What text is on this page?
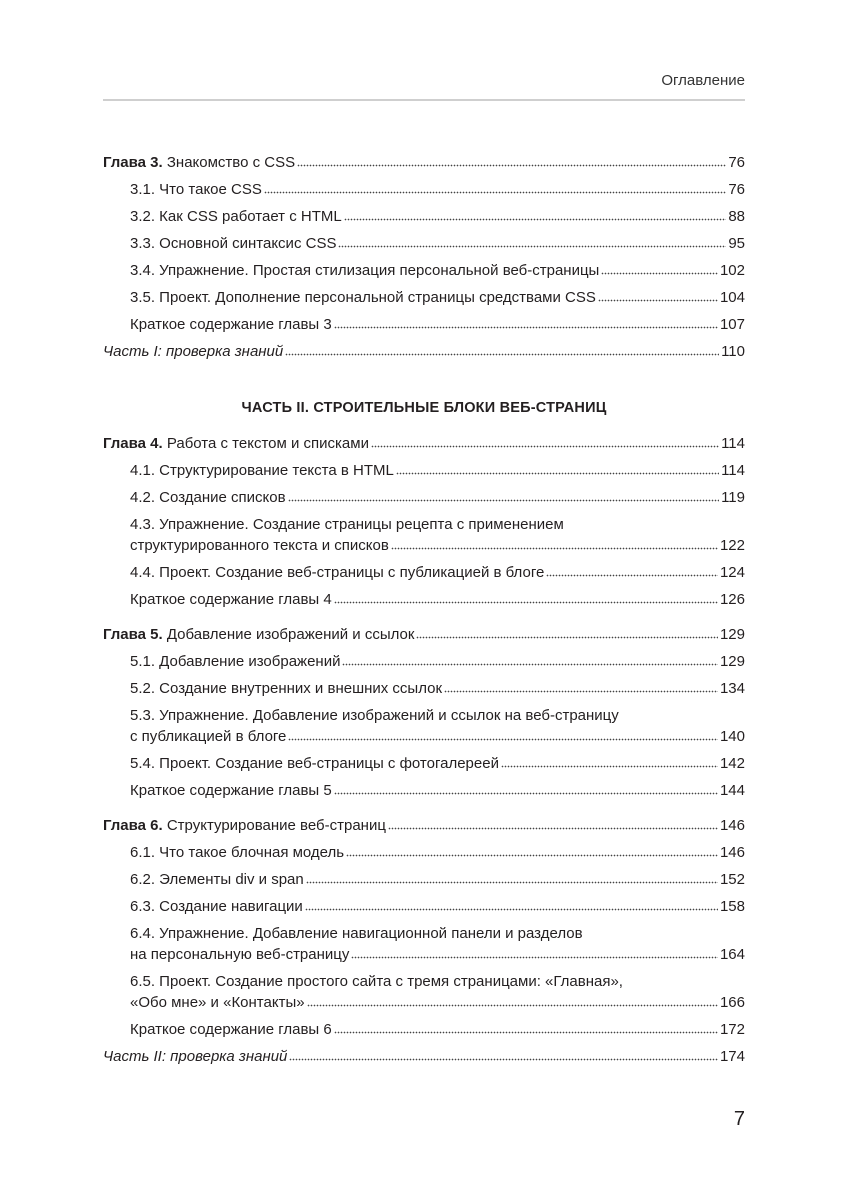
Оглавление
Глава 3. Знакомство с CSS	76
3.1. Что такое CSS	76
3.2. Как CSS работает с HTML	88
3.3. Основной синтаксис CSS	95
3.4. Упражнение. Простая стилизация персональной веб-страницы	102
3.5. Проект. Дополнение персональной страницы средствами CSS	104
Краткое содержание главы 3	107
Часть I: проверка знаний	110
ЧАСТЬ II. СТРОИТЕЛЬНЫЕ БЛОКИ ВЕБ-СТРАНИЦ
Глава 4. Работа с текстом и списками	114
4.1. Структурирование текста в HTML	114
4.2. Создание списков	119
4.3. Упражнение. Создание страницы рецепта с применением
структурированного текста и списков	122
4.4. Проект. Создание веб-страницы с публикацией в блоге	124
Краткое содержание главы 4	126
Глава 5. Добавление изображений и ссылок	129
5.1. Добавление изображений	129
5.2. Создание внутренних и внешних ссылок	134
5.3. Упражнение. Добавление изображений и ссылок на веб-страницу
с публикацией в блоге	140
5.4. Проект. Создание веб-страницы с фотогалереей	142
Краткое содержание главы 5	144
Глава 6. Структурирование веб-страниц	146
6.1. Что такое блочная модель	146
6.2. Элементы div и span	152
6.3. Создание навигации	158
6.4. Упражнение. Добавление навигационной панели и разделов
на персональную веб-страницу	164
6.5. Проект. Создание простого сайта с тремя страницами: «Главная»,
«Обо мне» и «Контакты»	166
Краткое содержание главы 6	172
Часть II: проверка знаний	174
7
